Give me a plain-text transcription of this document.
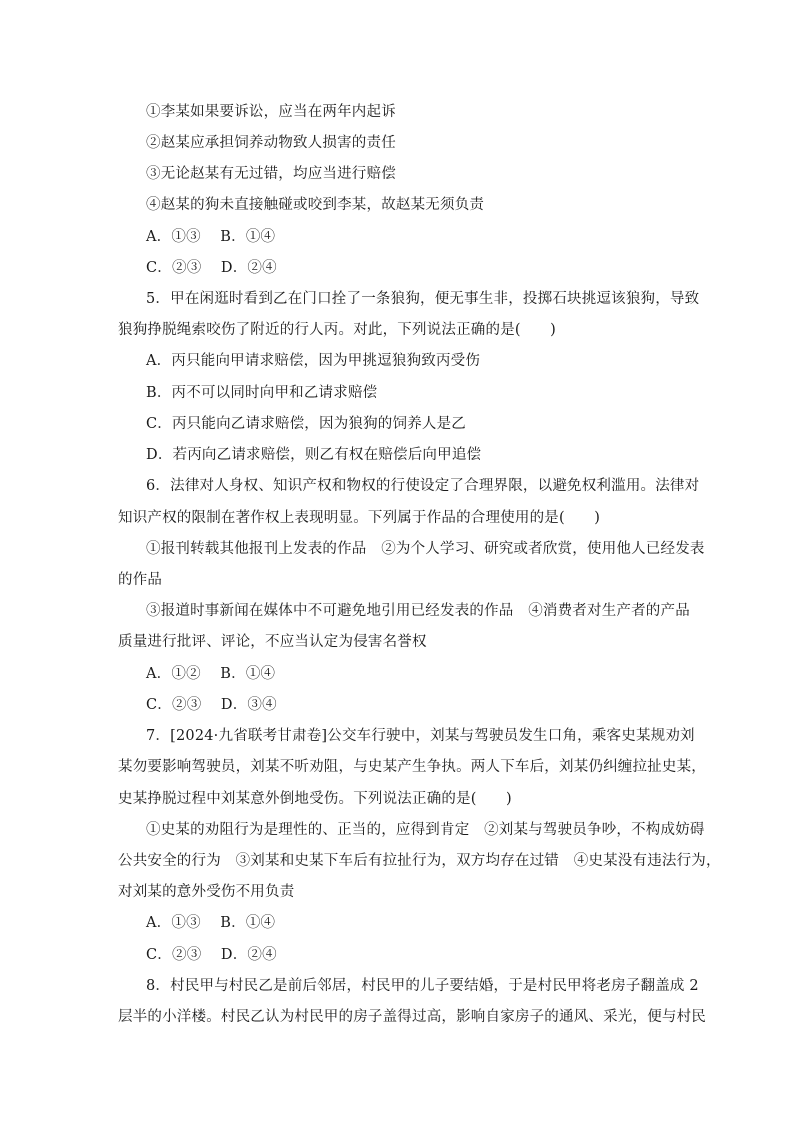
①李某如果要诉讼，应当在两年内起诉
②赵某应承担饲养动物致人损害的责任
③无论赵某有无过错，均应当进行赔偿
④赵某的狗未直接触碰或咬到李某，故赵某无须负责
A．①③　 B．①④
C．②③　 D．②④
5．甲在闲逛时看到乙在门口拴了一条狼狗，便无事生非，投掷石块挑逗该狼狗，导致
狼狗挣脱绳索咬伤了附近的行人丙。对此，下列说法正确的是(　　)
A．丙只能向甲请求赔偿，因为甲挑逗狼狗致丙受伤
B．丙不可以同时向甲和乙请求赔偿
C．丙只能向乙请求赔偿，因为狼狗的饲养人是乙
D．若丙向乙请求赔偿，则乙有权在赔偿后向甲追偿
6．法律对人身权、知识产权和物权的行使设定了合理界限，以避免权利滥用。法律对
知识产权的限制在著作权上表现明显。下列属于作品的合理使用的是(　　)
①报刊转载其他报刊上发表的作品　②为个人学习、研究或者欣赏，使用他人已经发表
的作品
③报道时事新闻在媒体中不可避免地引用已经发表的作品　④消费者对生产者的产品
质量进行批评、评论，不应当认定为侵害名誉权
A．①②　 B．①④
C．②③　 D．③④
7．[2024·九省联考甘肃卷]公交车行驶中，刘某与驾驶员发生口角，乘客史某规劝刘
某勿要影响驾驶员，刘某不听劝阻，与史某产生争执。两人下车后，刘某仍纠缠拉扯史某，
史某挣脱过程中刘某意外倒地受伤。下列说法正确的是(　　)
①史某的劝阻行为是理性的、正当的，应得到肯定　②刘某与驾驶员争吵，不构成妨碍
公共安全的行为　③刘某和史某下车后有拉扯行为，双方均存在过错　④史某没有违法行为，
对刘某的意外受伤不用负责
A．①③　 B．①④
C．②③　 D．②④
8．村民甲与村民乙是前后邻居，村民甲的儿子要结婚，于是村民甲将老房子翻盖成 2
层半的小洋楼。村民乙认为村民甲的房子盖得过高，影响自家房子的通风、采光，便与村民
